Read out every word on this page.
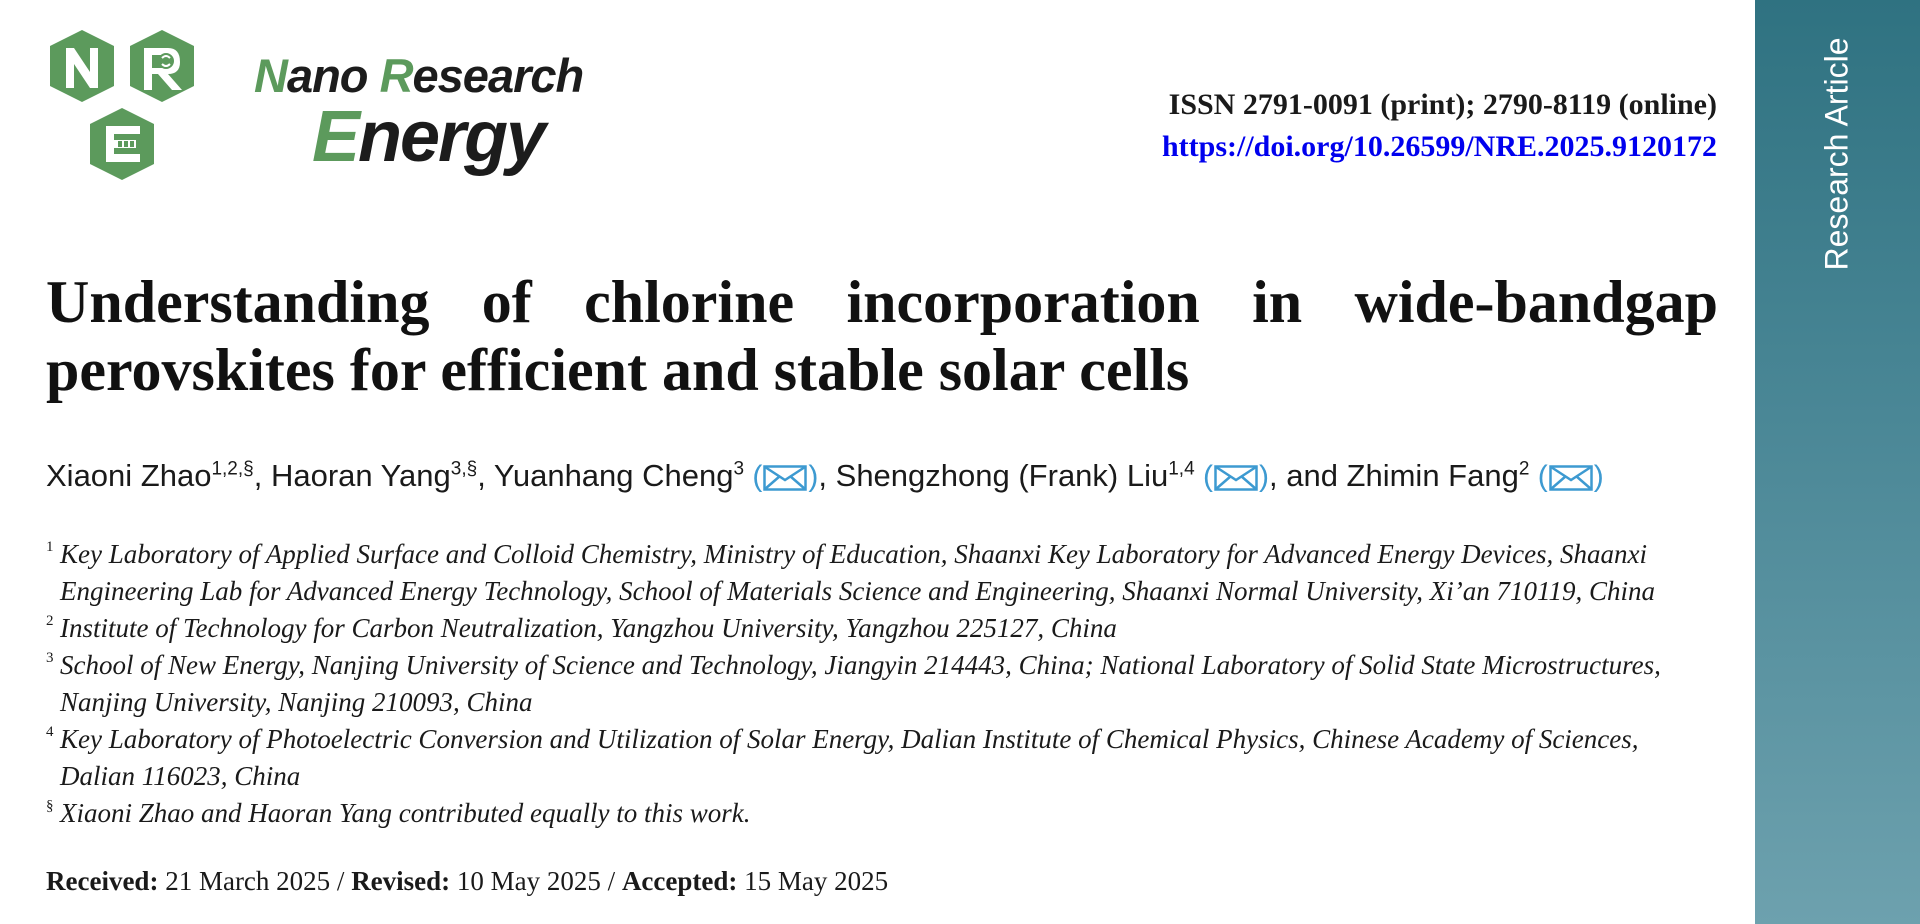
Nano Research
Energy	ISSN 2791-0091 (print); 2790-8119 (online)
https://doi.org/10.26599/NRE.2025.9120172	Research Article
Understanding of chlorine incorporation in wide-bandgap perovskites for efficient and stable solar cells
Xiaoni Zhao$^{1,2,\S}$, Haoran Yang$^{3,\S}$, Yuanhang Cheng$^3$ ( ), Shengzhong (Frank) Liu$^{1,4}$ ( ), and Zhimin Fang$^2$ ( )
1 Key Laboratory of Applied Surface and Colloid Chemistry, Ministry of Education, Shaanxi Key Laboratory for Advanced Energy Devices, Shaanxi Engineering Lab for Advanced Energy Technology, School of Materials Science and Engineering, Shaanxi Normal University, Xi’an 710119, China
2 Institute of Technology for Carbon Neutralization, Yangzhou University, Yangzhou 225127, China
3 School of New Energy, Nanjing University of Science and Technology, Jiangyin 214443, China; National Laboratory of Solid State Microstructures, Nanjing University, Nanjing 210093, China
4 Key Laboratory of Photoelectric Conversion and Utilization of Solar Energy, Dalian Institute of Chemical Physics, Chinese Academy of Sciences, Dalian 116023, China
§ Xiaoni Zhao and Haoran Yang contributed equally to this work.
Received: 21 March 2025 / Revised: 10 May 2025 / Accepted: 15 May 2025
